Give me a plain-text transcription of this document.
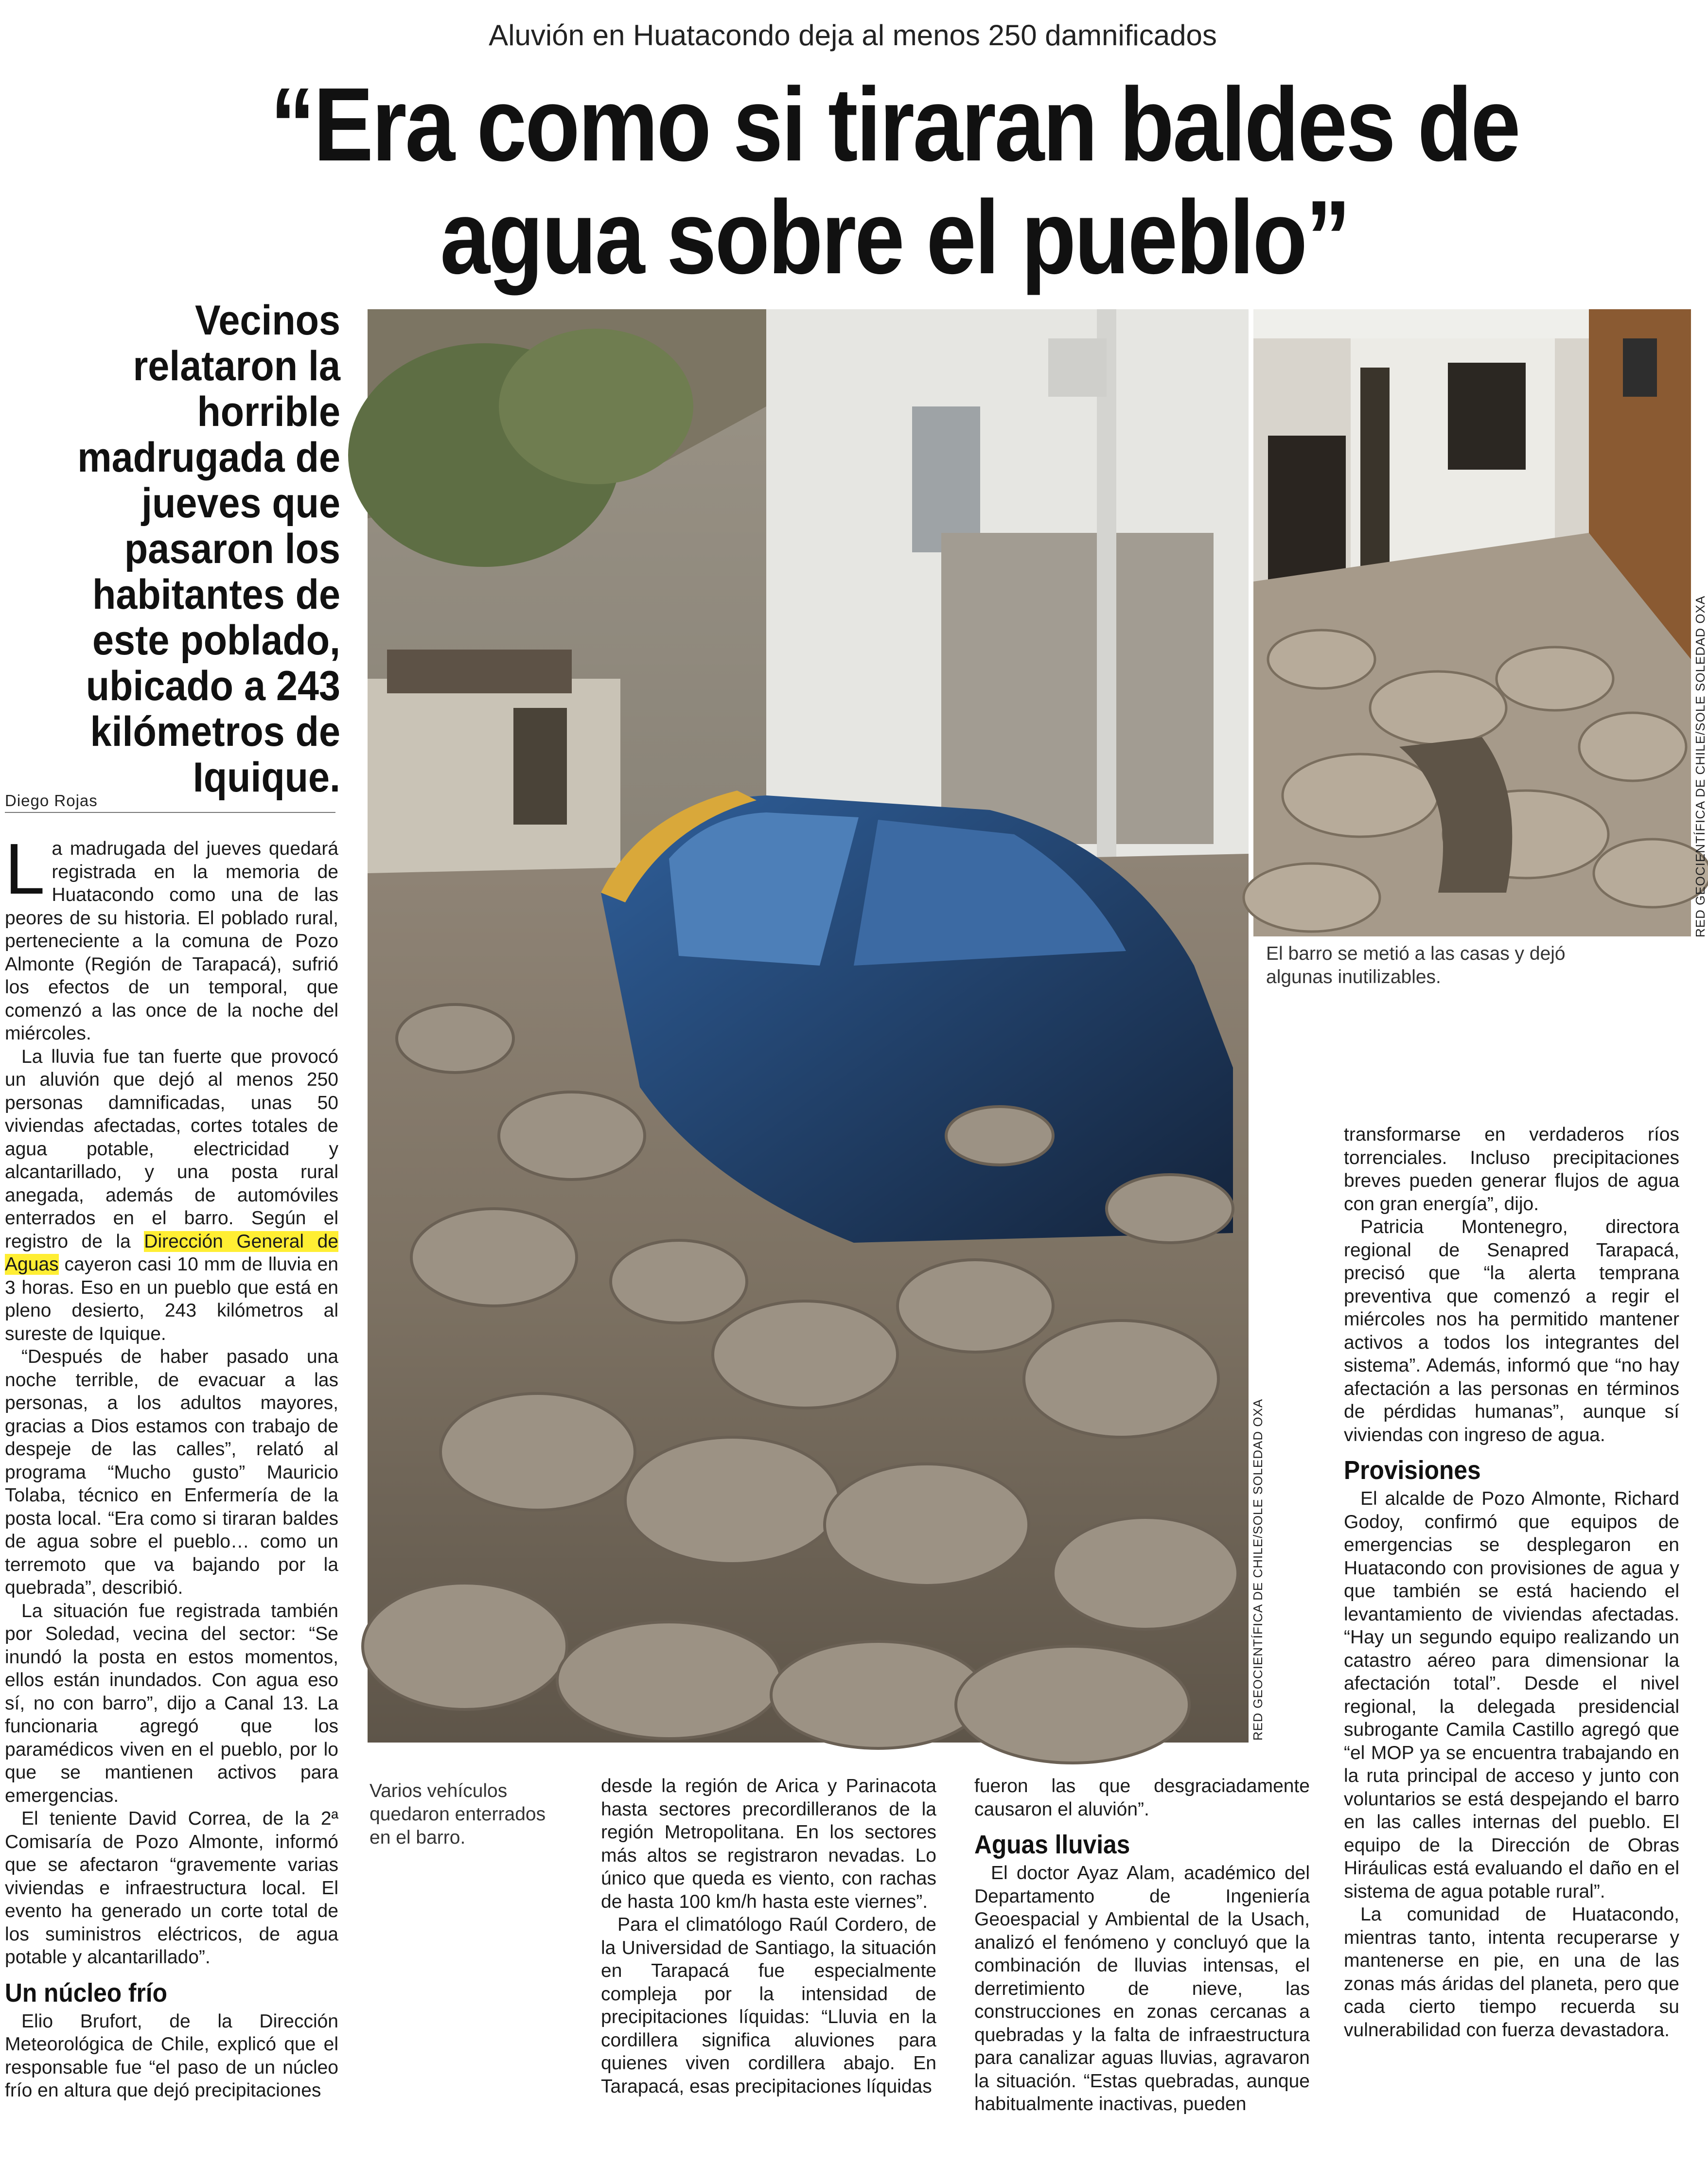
Aluvión en Huatacondo deja al menos 250 damnificados
“Era como si tiraran baldes de agua sobre el pueblo”
Vecinos relataron la horrible madrugada de jueves que pasaron los habitantes de este poblado, ubicado a 243 kilómetros de Iquique.
Diego Rojas
RED GEOCIENTÍFICA DE CHILE/SOLE SOLEDAD OXA
RED GEOCIENTÍFICA DE CHILE/SOLE SOLEDAD OXA
El barro se metió a las casas y dejó algunas inutilizables.
Varios vehículos quedaron enterrados en el barro.

La madrugada del jueves quedará registrada en la memoria de Huatacondo como una de las peores de su historia. El poblado rural, perteneciente a la comuna de Pozo Almonte (Región de Tarapacá), sufrió los efectos de un temporal, que comenzó a las once de la noche del miércoles.

La lluvia fue tan fuerte que provocó un aluvión que dejó al menos 250 personas damnificadas, unas 50 viviendas afectadas, cortes totales de agua potable, electricidad y alcantarillado, y una posta rural anegada, además de automóviles enterrados en el barro. Según el registro de la Dirección General de Aguas cayeron casi 10 mm de lluvia en 3 horas. Eso en un pueblo que está en pleno desierto, 243 kilómetros al sureste de Iquique.

“Después de haber pasado una noche terrible, de evacuar a las personas, a los adultos mayores, gracias a Dios estamos con trabajo de despeje de las calles”, relató al programa “Mucho gusto” Mauricio Tolaba, técnico en Enfermería de la posta local. “Era como si tiraran baldes de agua sobre el pueblo… como un terremoto que va bajando por la quebrada”, describió.

La situación fue registrada también por Soledad, vecina del sector: “Se inundó la posta en estos momentos, ellos están inundados. Con agua eso sí, no con barro”, dijo a Canal 13. La funcionaria agregó que los paramédicos viven en el pueblo, por lo que se mantienen activos para emergencias.

El teniente David Correa, de la 2ª Comisaría de Pozo Almonte, informó que se afectaron “gravemente varias viviendas e infraestructura local. El evento ha generado un corte total de los suministros eléctricos, de agua potable y alcantarillado”.

Un núcleo frío

Elio Brufort, de la Dirección Meteorológica de Chile, explicó que el responsable fue “el paso de un núcleo frío en altura que dejó precipitaciones

desde la región de Arica y Parinacota hasta sectores precordilleranos de la región Metropolitana. En los sectores más altos se registraron nevadas. Lo único que queda es viento, con rachas de hasta 100 km/h hasta este viernes”.

Para el climatólogo Raúl Cordero, de la Universidad de Santiago, la situación en Tarapacá fue especialmente compleja por la intensidad de precipitaciones líquidas: “Lluvia en la cordillera significa aluviones para quienes viven cordillera abajo. En Tarapacá, esas precipitaciones líquidas

fueron las que desgraciadamente causaron el aluvión”.

Aguas lluvias

El doctor Ayaz Alam, académico del Departamento de Ingeniería Geoespacial y Ambiental de la Usach, analizó el fenómeno y concluyó que la combinación de lluvias intensas, el derretimiento de nieve, las construcciones en zonas cercanas a quebradas y la falta de infraestructura para canalizar aguas lluvias, agravaron la situación. “Estas quebradas, aunque habitualmente inactivas, pueden

transformarse en verdaderos ríos torrenciales. Incluso precipitaciones breves pueden generar flujos de agua con gran energía”, dijo.

Patricia Montenegro, directora regional de Senapred Tarapacá, precisó que “la alerta temprana preventiva que comenzó a regir el miércoles nos ha permitido mantener activos a todos los integrantes del sistema”. Además, informó que “no hay afectación a las personas en términos de pérdidas humanas”, aunque sí viviendas con ingreso de agua.

Provisiones

El alcalde de Pozo Almonte, Richard Godoy, confirmó que equipos de emergencias se desplegaron en Huatacondo con provisiones de agua y que también se está haciendo el levantamiento de viviendas afectadas. “Hay un segundo equipo realizando un catastro aéreo para dimensionar la afectación total”. Desde el nivel regional, la delegada presidencial subrogante Camila Castillo agregó que “el MOP ya se encuentra trabajando en la ruta principal de acceso y junto con voluntarios se está despejando el barro en las calles internas del pueblo. El equipo de la Dirección de Obras Hiráulicas está evaluando el daño en el sistema de agua potable rural”.

La comunidad de Huatacondo, mientras tanto, intenta recuperarse y mantenerse en pie, en una de las zonas más áridas del planeta, pero que cada cierto tiempo recuerda su vulnerabilidad con fuerza devastadora.
